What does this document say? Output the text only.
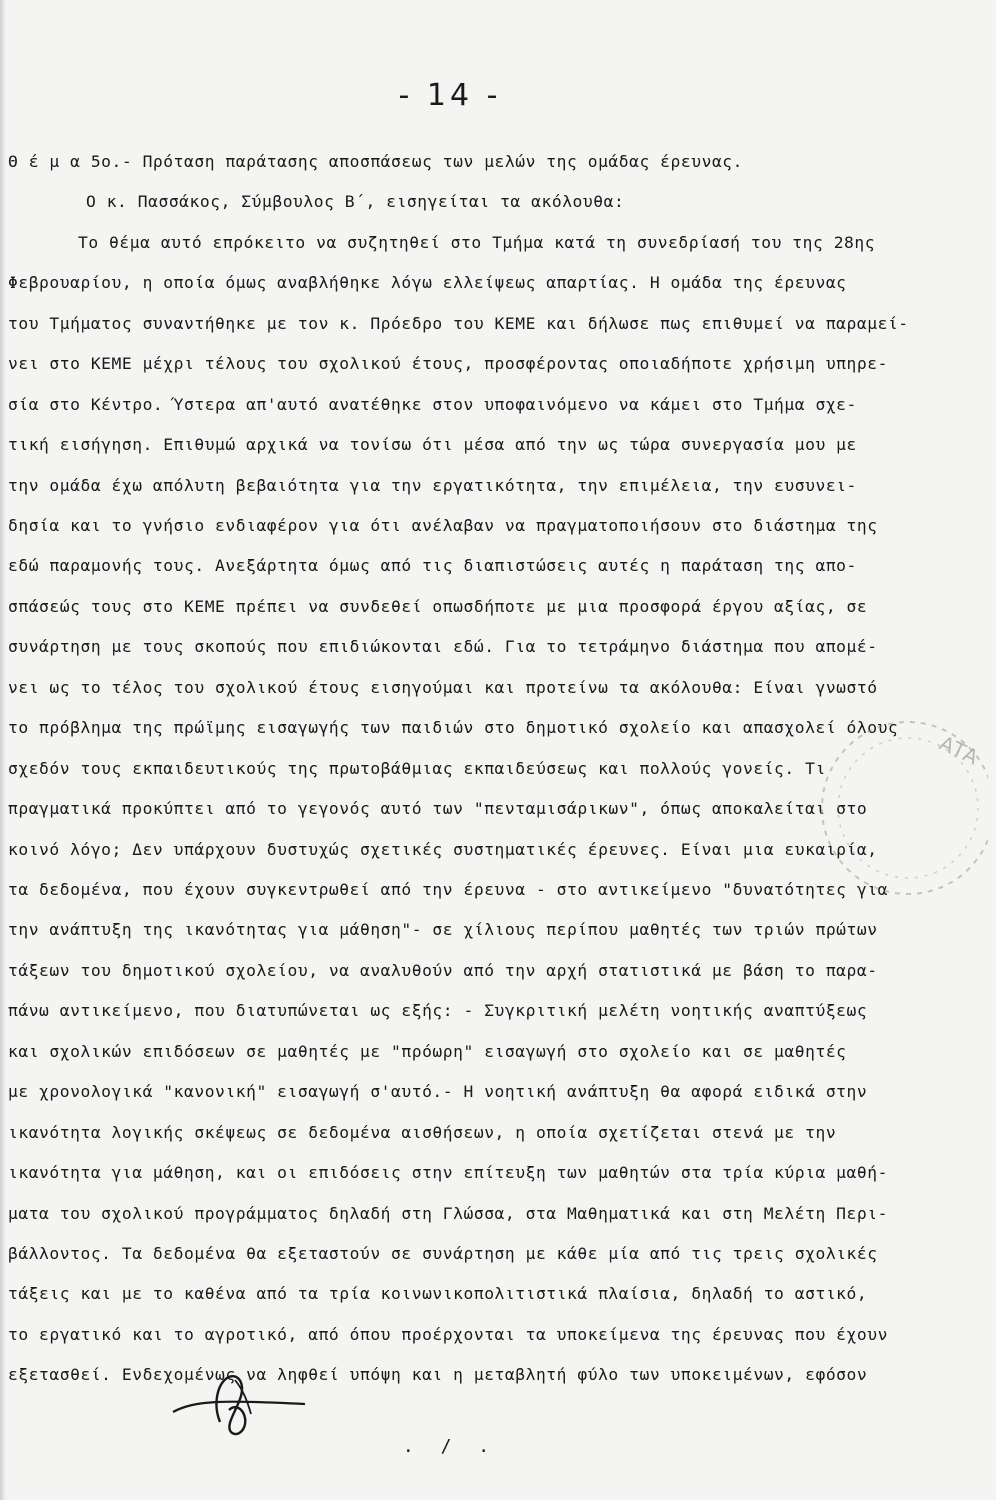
- 14 -
Θ έ μ α 5ο.- Πρόταση παράτασης αποσπάσεως των μελών της ομάδας έρευνας.
Ο κ. Πασσάκος, Σύμβουλος Β΄, εισηγείται τα ακόλουθα:
Το θέμα αυτό επρόκειτο να συζητηθεί στο Τμήμα κατά τη συνεδρίασή του της 28ης
Φεβρουαρίου, η οποία όμως αναβλήθηκε λόγω ελλείψεως απαρτίας. Η ομάδα της έρευνας
του Τμήματος συναντήθηκε με τον κ. Πρόεδρο του ΚΕΜΕ και δήλωσε πως επιθυμεί να παραμεί-
νει στο ΚΕΜΕ μέχρι τέλους του σχολικού έτους, προσφέροντας οποιαδήποτε χρήσιμη υπηρε-
σία στο Κέντρο. Ύστερα απ'αυτό ανατέθηκε στον υποφαινόμενο να κάμει στο Τμήμα σχε-
τική εισήγηση. Επιθυμώ αρχικά να τονίσω ότι μέσα από την ως τώρα συνεργασία μου με
την ομάδα έχω απόλυτη βεβαιότητα για την εργατικότητα, την επιμέλεια, την ευσυνει-
δησία και το γνήσιο ενδιαφέρον για ότι ανέλαβαν να πραγματοποιήσουν στο διάστημα της
εδώ παραμονής τους. Ανεξάρτητα όμως από τις διαπιστώσεις αυτές η παράταση της απο-
σπάσεώς τους στο ΚΕΜΕ πρέπει να συνδεθεί οπωσδήποτε με μια προσφορά έργου αξίας, σε
συνάρτηση με τους σκοπούς που επιδιώκονται εδώ. Για το τετράμηνο διάστημα που απομέ-
νει ως το τέλος του σχολικού έτους εισηγούμαι και προτείνω τα ακόλουθα: Είναι γνωστό
το πρόβλημα της πρώϊμης εισαγωγής των παιδιών στο δημοτικό σχολείο και απασχολεί όλους
σχεδόν τους εκπαιδευτικούς της πρωτοβάθμιας εκπαιδεύσεως και πολλούς γονείς. Τι
πραγματικά προκύπτει από το γεγονός αυτό των "πενταμισάρικων", όπως αποκαλείται στο
κοινό λόγο; Δεν υπάρχουν δυστυχώς σχετικές συστηματικές έρευνες. Είναι μια ευκαιρία,
τα δεδομένα, που έχουν συγκεντρωθεί από την έρευνα - στο αντικείμενο "δυνατότητες για
την ανάπτυξη της ικανότητας για μάθηση"- σε χίλιους περίπου μαθητές των τριών πρώτων
τάξεων του δημοτικού σχολείου, να αναλυθούν από την αρχή στατιστικά με βάση το παρα-
πάνω αντικείμενο, που διατυπώνεται ως εξής: - Συγκριτική μελέτη νοητικής αναπτύξεως
και σχολικών επιδόσεων σε μαθητές με "πρόωρη" εισαγωγή στο σχολείο και σε μαθητές
με χρονολογικά "κανονική" εισαγωγή σ'αυτό.- Η νοητική ανάπτυξη θα αφορά ειδικά στην
ικανότητα λογικής σκέψεως σε δεδομένα αισθήσεων, η οποία σχετίζεται στενά με την
ικανότητα για μάθηση, και οι επιδόσεις στην επίτευξη των μαθητών στα τρία κύρια μαθή-
ματα του σχολικού προγράμματος δηλαδή στη Γλώσσα, στα Μαθηματικά και στη Μελέτη Περι-
βάλλοντος. Τα δεδομένα θα εξεταστούν σε συνάρτηση με κάθε μία από τις τρεις σχολικές
τάξεις και με το καθένα από τα τρία κοινωνικοπολιτιστικά πλαίσια, δηλαδή το αστικό,
το εργατικό και το αγροτικό, από όπου προέρχονται τα υποκείμενα της έρευνας που έχουν
εξετασθεί. Ενδεχομένως να ληφθεί υπόψη και η μεταβλητή φύλο των υποκειμένων, εφόσον
ΑΤΑ
. / .
